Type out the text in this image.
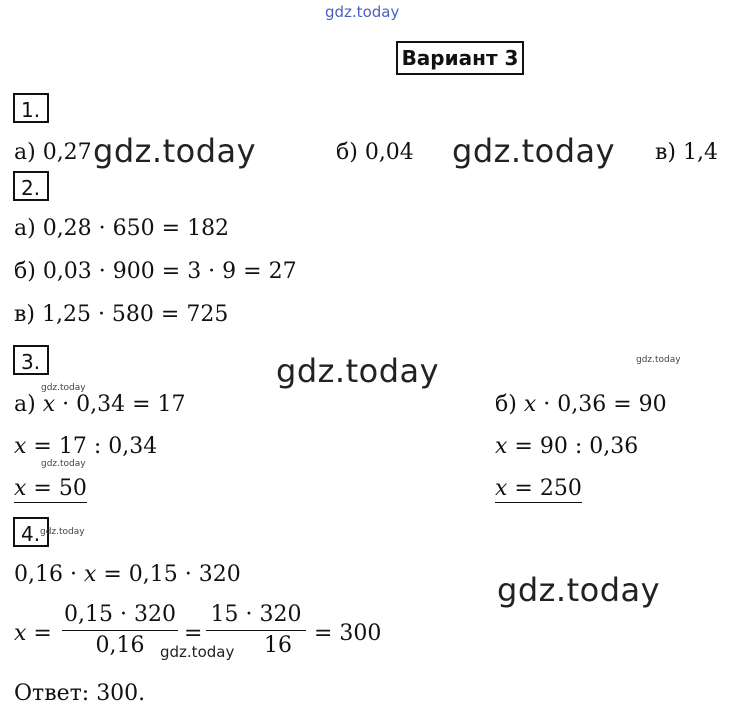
gdz.today
Вариант 3
1.
а) 0,27 gdz.today	б) 0,04 gdz.today в) 1,4
2.
а) 0,28 · 650 = 182
б) 0,03 · 900 = 3 · 9 = 27
в) 1,25 · 580 = 725
3.	gdz.today	gdz.today
gdz.today
а) x · 0,34 = 17
x = 17 : 0,34
gdz.today
x = 50
б) x · 0,36 = 90
x = 90 : 0,36
x = 250
4. gdz.today
0,16 · x = 0,15 · 320	gdz.today
x =
0,15 · 320
0,16	=
15 · 320
16
gdz.today
= 300
Ответ: 300.
